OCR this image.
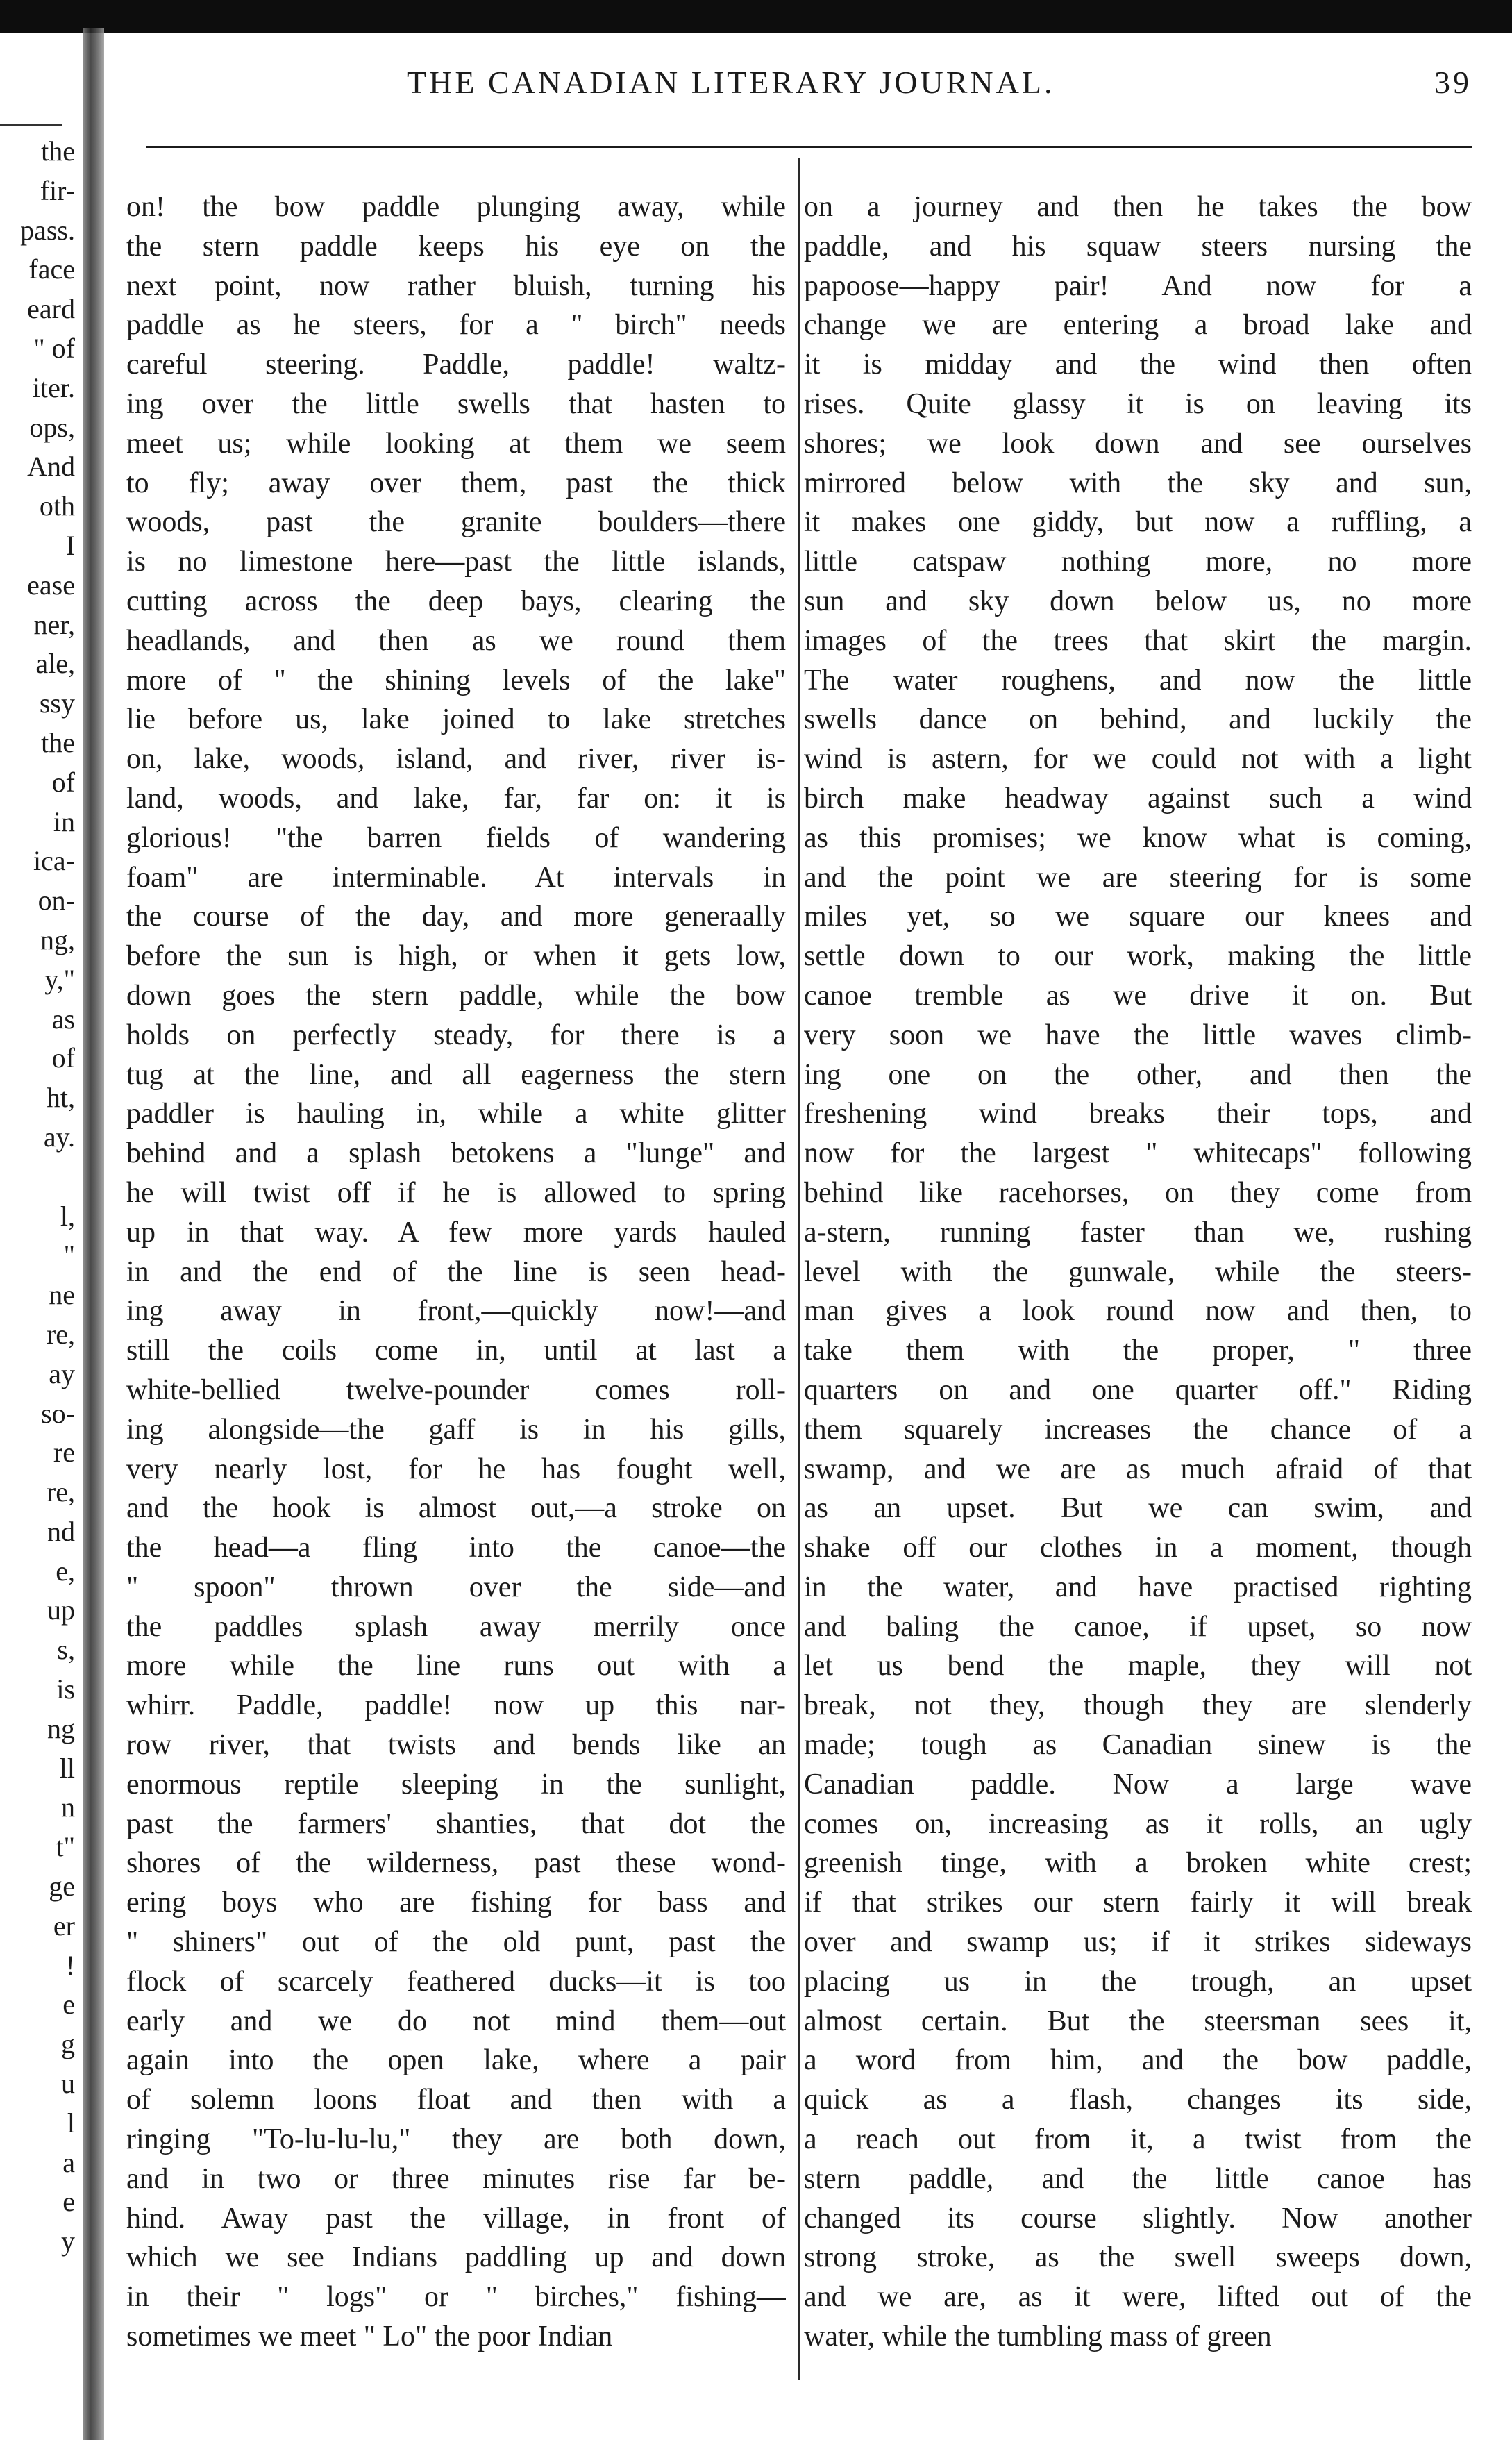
the
fir-
pass.
face
eard
" of
iter.
ops,
And
oth
I
ease
ner,
ale,
ssy
the
of
in
ica-
on-
ng,
y,"
as
of
ht,
ay.
l,
"
ne
re,
ay
so-
re
re,
nd
e,
up
s,
is
ng
ll
n
t"
ge
er
!
e
g
u
l
a
e
y
THE CANADIAN LITERARY JOURNAL.	39
on! the bow paddle plunging away, while
the stern paddle keeps his eye on the
next point, now rather bluish, turning his
paddle as he steers, for a " birch" needs
careful steering. Paddle, paddle! waltz-
ing over the little swells that hasten to
meet us; while looking at them we seem
to fly; away over them, past the thick
woods, past the granite boulders—there
is no limestone here—past the little islands,
cutting across the deep bays, clearing the
headlands, and then as we round them
more of " the shining levels of the lake"
lie before us, lake joined to lake stretches
on, lake, woods, island, and river, river is-
land, woods, and lake, far, far on: it is
glorious! "the barren fields of wandering
foam" are interminable. At intervals in
the course of the day, and more generaally
before the sun is high, or when it gets low,
down goes the stern paddle, while the bow
holds on perfectly steady, for there is a
tug at the line, and all eagerness the stern
paddler is hauling in, while a white glitter
behind and a splash betokens a "lunge" and
he will twist off if he is allowed to spring
up in that way. A few more yards hauled
in and the end of the line is seen head-
ing away in front,—quickly now!—and
still the coils come in, until at last a
white-bellied twelve-pounder comes roll-
ing alongside—the gaff is in his gills,
very nearly lost, for he has fought well,
and the hook is almost out,—a stroke on
the head—a fling into the canoe—the
" spoon" thrown over the side—and
the paddles splash away merrily once
more while the line runs out with a
whirr. Paddle, paddle! now up this nar-
row river, that twists and bends like an
enormous reptile sleeping in the sunlight,
past the farmers' shanties, that dot the
shores of the wilderness, past these wond-
ering boys who are fishing for bass and
" shiners" out of the old punt, past the
flock of scarcely feathered ducks—it is too
early and we do not mind them—out
again into the open lake, where a pair
of solemn loons float and then with a
ringing "To-lu-lu-lu," they are both down,
and in two or three minutes rise far be-
hind. Away past the village, in front of
which we see Indians paddling up and down
in their " logs" or " birches," fishing—
sometimes we meet " Lo" the poor Indian
on a journey and then he takes the bow
paddle, and his squaw steers nursing the
papoose—happy pair! And now for a
change we are entering a broad lake and
it is midday and the wind then often
rises. Quite glassy it is on leaving its
shores; we look down and see ourselves
mirrored below with the sky and sun,
it makes one giddy, but now a ruffling, a
little catspaw nothing more, no more
sun and sky down below us, no more
images of the trees that skirt the margin.
The water roughens, and now the little
swells dance on behind, and luckily the
wind is astern, for we could not with a light
birch make headway against such a wind
as this promises; we know what is coming,
and the point we are steering for is some
miles yet, so we square our knees and
settle down to our work, making the little
canoe tremble as we drive it on. But
very soon we have the little waves climb-
ing one on the other, and then the
freshening wind breaks their tops, and
now for the largest " whitecaps" following
behind like racehorses, on they come from
a-stern, running faster than we, rushing
level with the gunwale, while the steers-
man gives a look round now and then, to
take them with the proper, " three
quarters on and one quarter off." Riding
them squarely increases the chance of a
swamp, and we are as much afraid of that
as an upset. But we can swim, and
shake off our clothes in a moment, though
in the water, and have practised righting
and baling the canoe, if upset, so now
let us bend the maple, they will not
break, not they, though they are slenderly
made; tough as Canadian sinew is the
Canadian paddle. Now a large wave
comes on, increasing as it rolls, an ugly
greenish tinge, with a broken white crest;
if that strikes our stern fairly it will break
over and swamp us; if it strikes sideways
placing us in the trough, an upset
almost certain. But the steersman sees it,
a word from him, and the bow paddle,
quick as a flash, changes its side,
a reach out from it, a twist from the
stern paddle, and the little canoe has
changed its course slightly. Now another
strong stroke, as the swell sweeps down,
and we are, as it were, lifted out of the
water, while the tumbling mass of green
